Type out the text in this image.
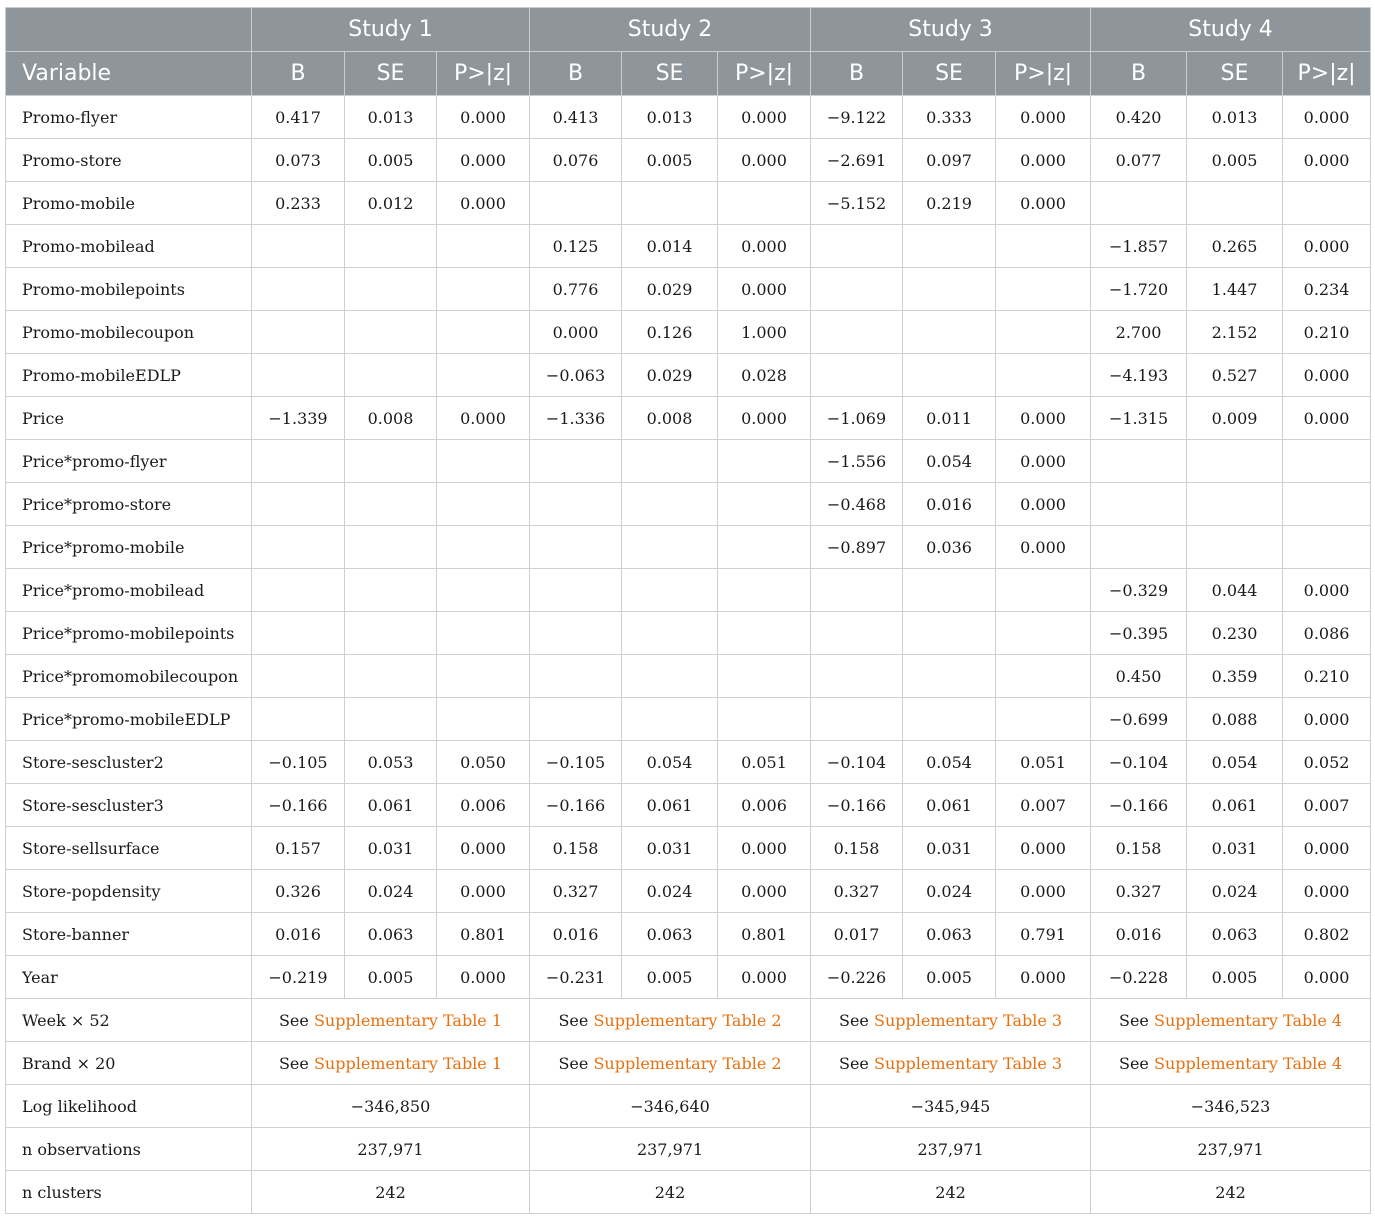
	Study 1			Study 2			Study 3			Study 4		
Variable	B	SE	P>|z|	B	SE	P>|z|	B	SE	P>|z|	B	SE	P>|z|
Promo-flyer	0.417	0.013	0.000	0.413	0.013	0.000	−9.122	0.333	0.000	0.420	0.013	0.000
Promo-store	0.073	0.005	0.000	0.076	0.005	0.000	−2.691	0.097	0.000	0.077	0.005	0.000
Promo-mobile	0.233	0.012	0.000				−5.152	0.219	0.000			
Promo-mobilead				0.125	0.014	0.000				−1.857	0.265	0.000
Promo-mobilepoints				0.776	0.029	0.000				−1.720	1.447	0.234
Promo-mobilecoupon				0.000	0.126	1.000				2.700	2.152	0.210
Promo-mobileEDLP				−0.063	0.029	0.028				−4.193	0.527	0.000
Price	−1.339	0.008	0.000	−1.336	0.008	0.000	−1.069	0.011	0.000	−1.315	0.009	0.000
Price*promo-flyer							−1.556	0.054	0.000			
Price*promo-store							−0.468	0.016	0.000			
Price*promo-mobile							−0.897	0.036	0.000			
Price*promo-mobilead										−0.329	0.044	0.000
Price*promo-mobilepoints										−0.395	0.230	0.086
Price*promomobilecoupon										0.450	0.359	0.210
Price*promo-mobileEDLP										−0.699	0.088	0.000
Store-sescluster2	−0.105	0.053	0.050	−0.105	0.054	0.051	−0.104	0.054	0.051	−0.104	0.054	0.052
Store-sescluster3	−0.166	0.061	0.006	−0.166	0.061	0.006	−0.166	0.061	0.007	−0.166	0.061	0.007
Store-sellsurface	0.157	0.031	0.000	0.158	0.031	0.000	0.158	0.031	0.000	0.158	0.031	0.000
Store-popdensity	0.326	0.024	0.000	0.327	0.024	0.000	0.327	0.024	0.000	0.327	0.024	0.000
Store-banner	0.016	0.063	0.801	0.016	0.063	0.801	0.017	0.063	0.791	0.016	0.063	0.802
Year	−0.219	0.005	0.000	−0.231	0.005	0.000	−0.226	0.005	0.000	−0.228	0.005	0.000
Week × 52	See Supplementary Table 1			See Supplementary Table 2			See Supplementary Table 3			See Supplementary Table 4		
Brand × 20	See Supplementary Table 1			See Supplementary Table 2			See Supplementary Table 3			See Supplementary Table 4		
Log likelihood	−346,850			−346,640			−345,945			−346,523		
n observations	237,971			237,971			237,971			237,971		
n clusters	242			242			242			242		
